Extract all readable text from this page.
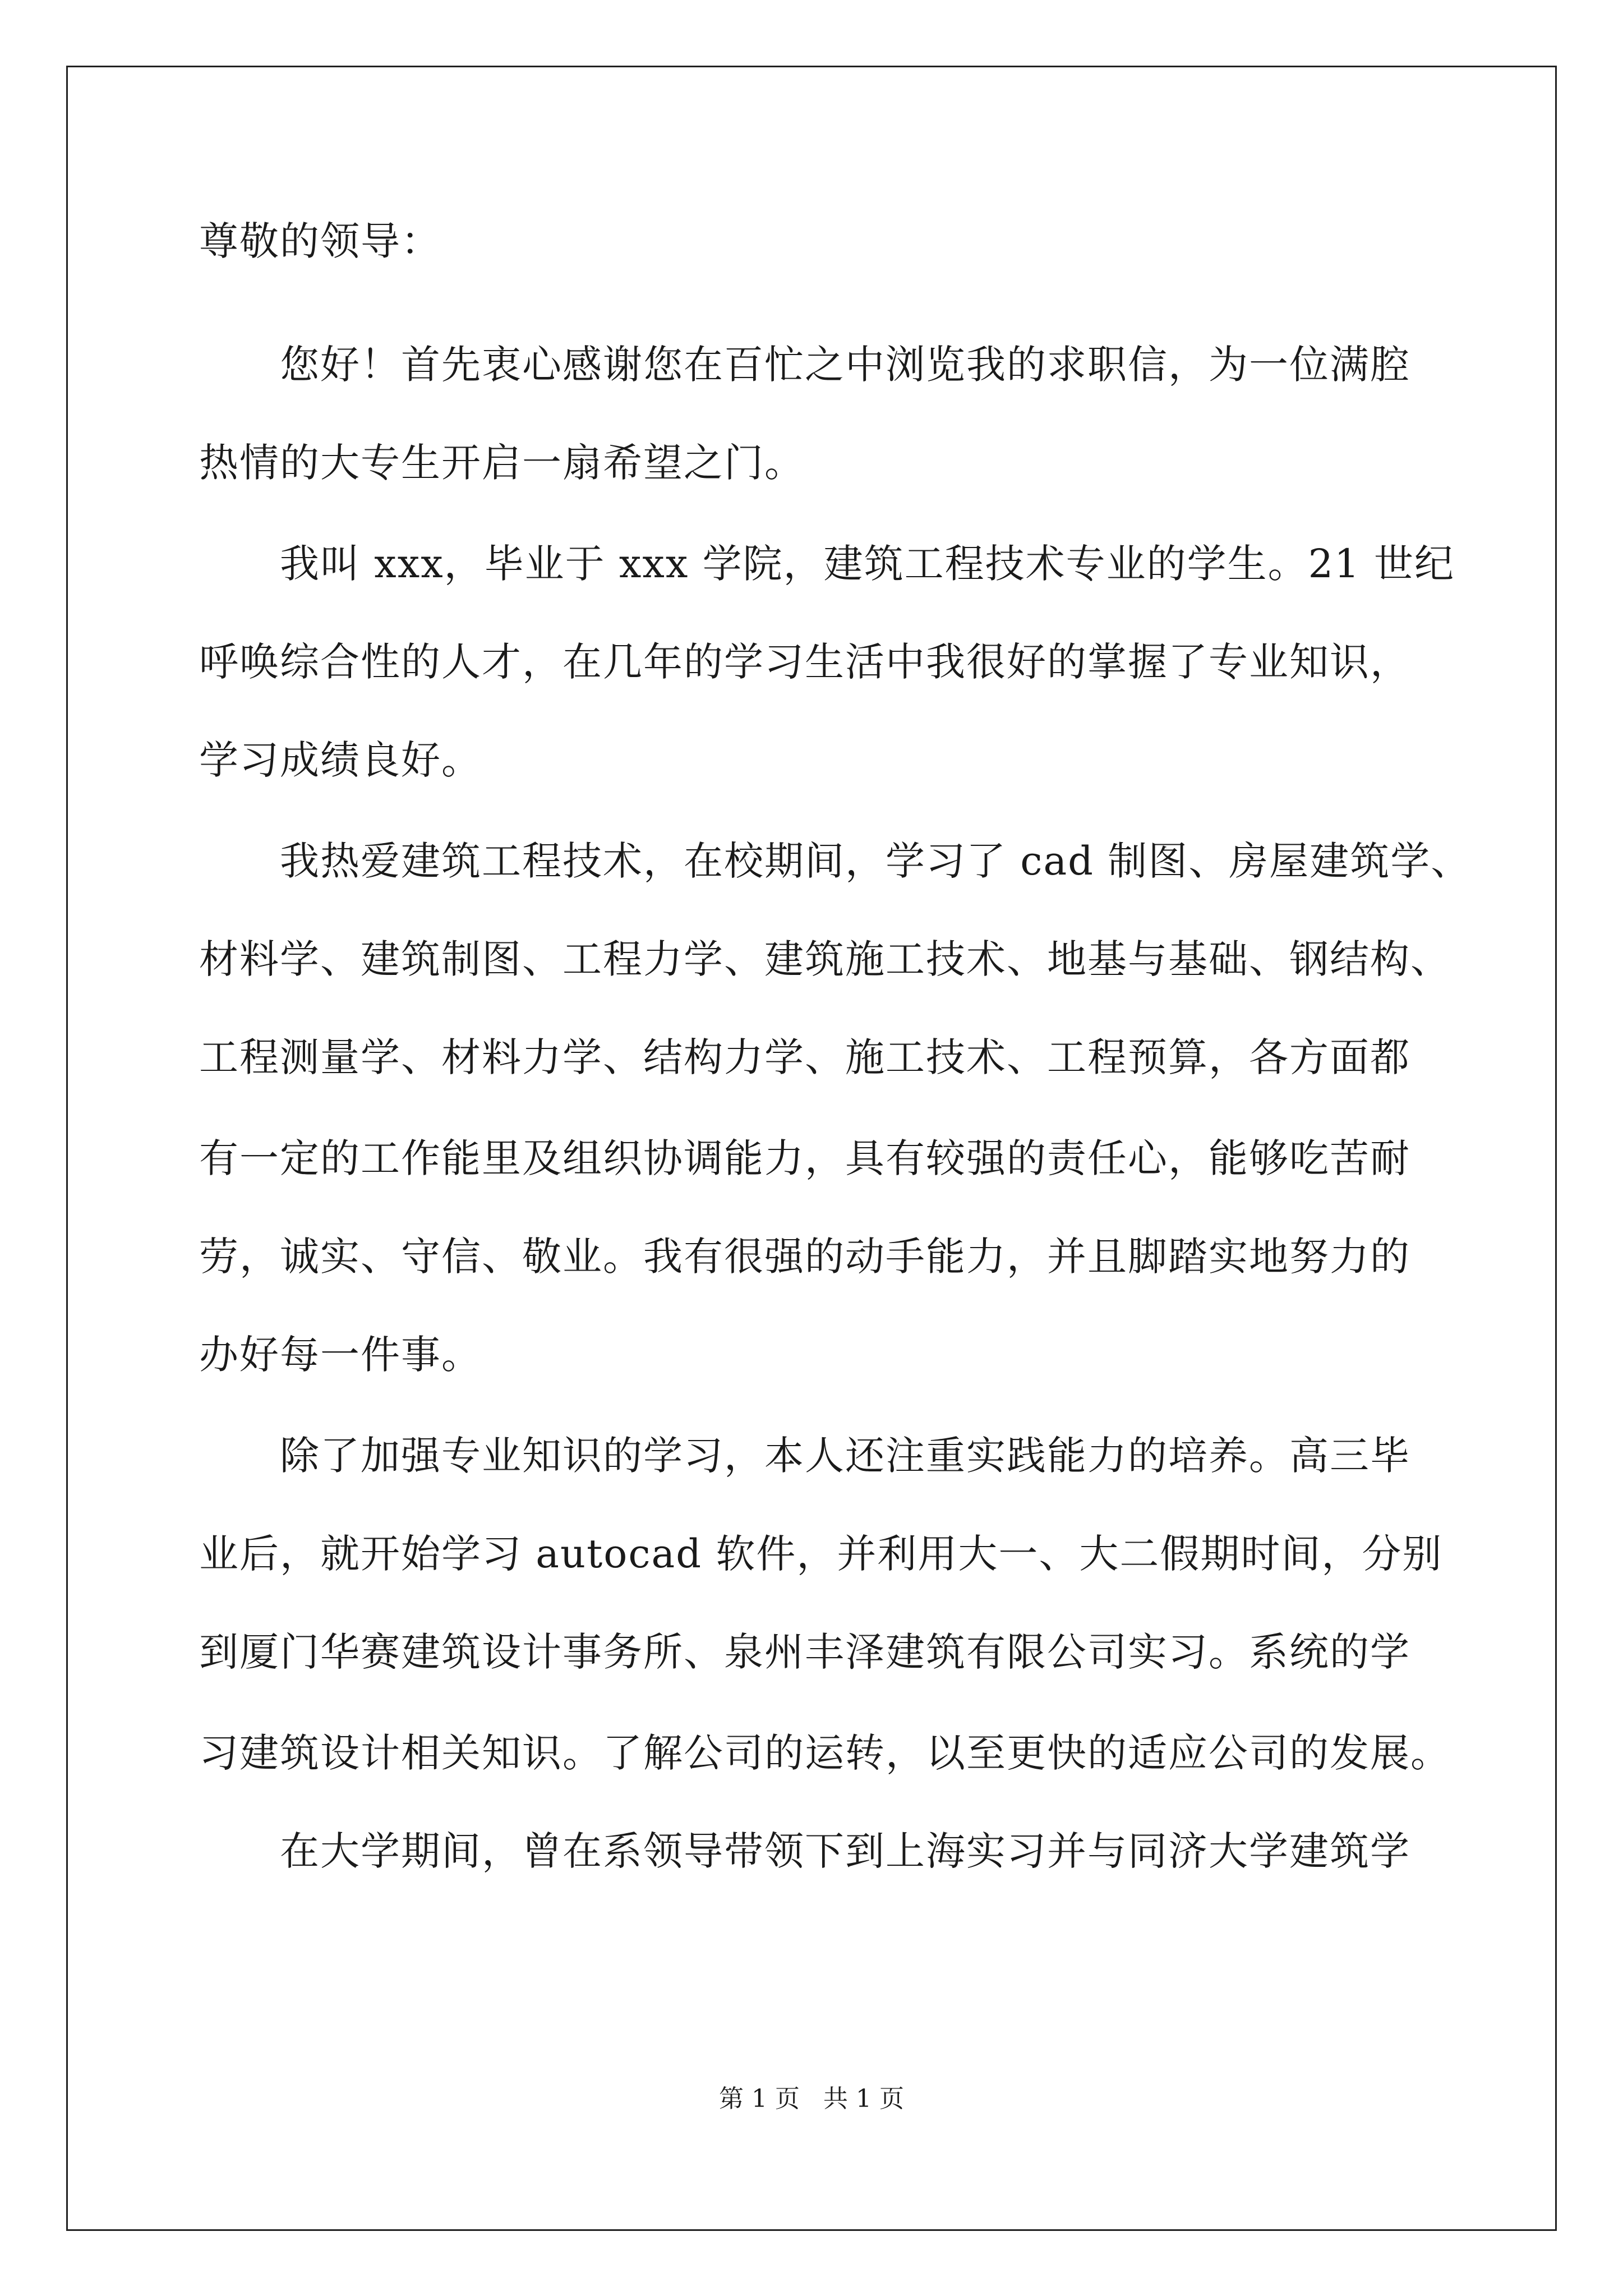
尊敬的领导：
您好！首先衷心感谢您在百忙之中浏览我的求职信，为一位满腔
热情的大专生开启一扇希望之门。
我叫 xxx，毕业于 xxx 学院，建筑工程技术专业的学生。21 世纪
呼唤综合性的人才，在几年的学习生活中我很好的掌握了专业知识，
学习成绩良好。
我热爱建筑工程技术，在校期间，学习了 cad 制图、房屋建筑学、
材料学、建筑制图、工程力学、建筑施工技术、地基与基础、钢结构、
工程测量学、材料力学、结构力学、施工技术、工程预算，各方面都
有一定的工作能里及组织协调能力，具有较强的责任心，能够吃苦耐
劳，诚实、守信、敬业。我有很强的动手能力，并且脚踏实地努力的
办好每一件事。
除了加强专业知识的学习，本人还注重实践能力的培养。高三毕
业后，就开始学习 autocad 软件，并利用大一、大二假期时间，分别
到厦门华赛建筑设计事务所、泉州丰泽建筑有限公司实习。系统的学
习建筑设计相关知识。了解公司的运转，以至更快的适应公司的发展。
在大学期间，曾在系领导带领下到上海实习并与同济大学建筑学
第 1 页   共 1 页
